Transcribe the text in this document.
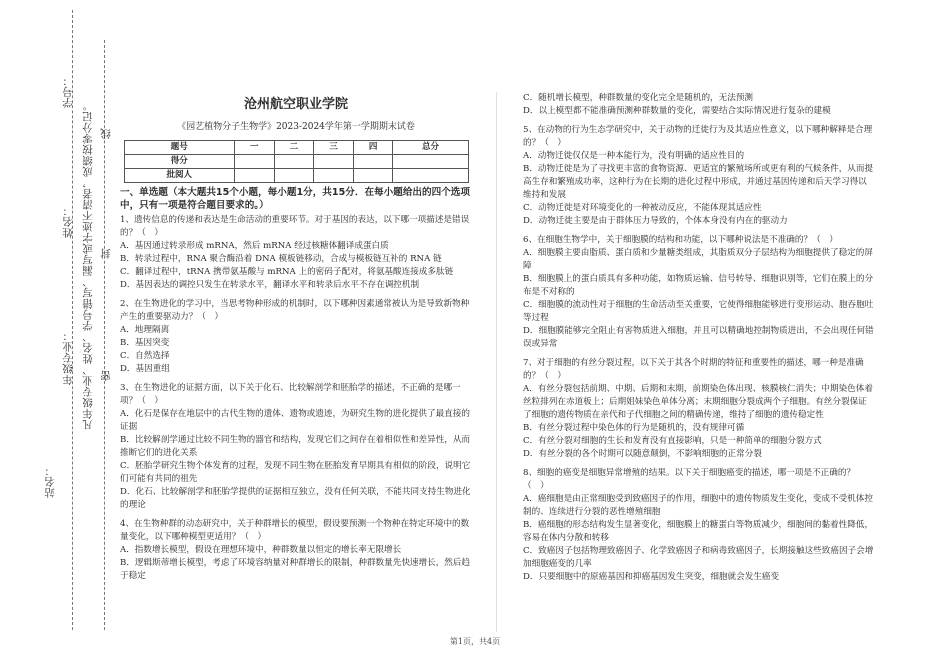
学号：
线
姓名：
封
年级专业： 密
站名：
凡年级专业、姓名、学号错写、漏写或字迹不清者，成绩按零分记。	沧州航空职业学院
《园艺植物分子生物学》2023-2024学年第一学期期末试卷
题号	一	二	三	四	总分
得分					
批阅人					
一、单选题（本大题共15个小题，每小题1分，共15分．在每小题给出的四个选项中，只有一项是符合题目要求的。）

1、遗传信息的传递和表达是生命活动的重要环节。对于基因的表达，以下哪一项描述是错误的？（　）

A．基因通过转录形成 mRNA，然后 mRNA 经过核糖体翻译成蛋白质

B．转录过程中，RNA 聚合酶沿着 DNA 模板链移动，合成与模板链互补的 RNA 链

C．翻译过程中，tRNA 携带氨基酸与 mRNA 上的密码子配对，将氨基酸连接成多肽链

D．基因表达的调控只发生在转录水平，翻译水平和转录后水平不存在调控机制

2、在生物进化的学习中，当思考物种形成的机制时，以下哪种因素通常被认为是导致新物种产生的重要驱动力？（　）

A．地理隔离

B．基因突变

C．自然选择

D．基因重组

3、在生物进化的证据方面，以下关于化石、比较解剖学和胚胎学的描述，不正确的是哪一项？（　）

A．化石是保存在地层中的古代生物的遗体、遗物或遗迹，为研究生物的进化提供了最直接的证据

B．比较解剖学通过比较不同生物的器官和结构，发现它们之间存在着相似性和差异性，从而推断它们的进化关系

C．胚胎学研究生物个体发育的过程，发现不同生物在胚胎发育早期具有相似的阶段，说明它们可能有共同的祖先

D．化石、比较解剖学和胚胎学提供的证据相互独立，没有任何关联，不能共同支持生物进化的理论

4、在生物种群的动态研究中，关于种群增长的模型，假设要预测一个物种在特定环境中的数量变化，以下哪种模型更适用？（　）

A．指数增长模型，假设在理想环境中，种群数量以恒定的增长率无限增长

B．逻辑斯蒂增长模型，考虑了环境容纳量对种群增长的限制，种群数量先快速增长，然后趋于稳定

C．随机增长模型，种群数量的变化完全是随机的，无法预测

D．以上模型都不能准确预测种群数量的变化，需要结合实际情况进行复杂的建模

5、在动物的行为生态学研究中，关于动物的迁徙行为及其适应性意义，以下哪种解释是合理的？（　）

A．动物迁徙仅仅是一种本能行为，没有明确的适应性目的

B．动物迁徙是为了寻找更丰富的食物资源、更适宜的繁殖场所或更有利的气候条件，从而提高生存和繁殖成功率，这种行为在长期的进化过程中形成，并通过基因传递和后天学习得以维持和发展

C．动物迁徙是对环境变化的一种被动反应，不能体现其适应性

D．动物迁徙主要是由于群体压力导致的，个体本身没有内在的驱动力

6、在细胞生物学中，关于细胞膜的结构和功能，以下哪种说法是不准确的？（　）

A．细胞膜主要由脂质、蛋白质和少量糖类组成，其脂质双分子层结构为细胞提供了稳定的屏障

B．细胞膜上的蛋白质具有多种功能，如物质运输、信号转导、细胞识别等，它们在膜上的分布是不对称的

C．细胞膜的流动性对于细胞的生命活动至关重要，它使得细胞能够进行变形运动、胞吞胞吐等过程

D．细胞膜能够完全阻止有害物质进入细胞，并且可以精确地控制物质进出，不会出现任何错误或异常

7、对于细胞的有丝分裂过程，以下关于其各个时期的特征和重要性的描述，哪一种是准确的？（　）

A．有丝分裂包括前期、中期、后期和末期，前期染色体出现、核膜核仁消失；中期染色体着丝粒排列在赤道板上；后期姐妹染色单体分离；末期细胞分裂成两个子细胞。有丝分裂保证了细胞的遗传物质在亲代和子代细胞之间的精确传递，维持了细胞的遗传稳定性

B．有丝分裂过程中染色体的行为是随机的，没有规律可循

C．有丝分裂对细胞的生长和发育没有直接影响，只是一种简单的细胞分裂方式

D．有丝分裂的各个时期可以随意颠倒，不影响细胞的正常分裂

8、细胞的癌变是细胞异常增殖的结果。以下关于细胞癌变的描述，哪一项是不正确的？（　）

A．癌细胞是由正常细胞受到致癌因子的作用，细胞中的遗传物质发生变化，变成不受机体控制的、连续进行分裂的恶性增殖细胞

B．癌细胞的形态结构发生显著变化，细胞膜上的糖蛋白等物质减少，细胞间的黏着性降低，容易在体内分散和转移

C．致癌因子包括物理致癌因子、化学致癌因子和病毒致癌因子，长期接触这些致癌因子会增加细胞癌变的几率

D．只要细胞中的原癌基因和抑癌基因发生突变，细胞就会发生癌变

第1页，共4页
